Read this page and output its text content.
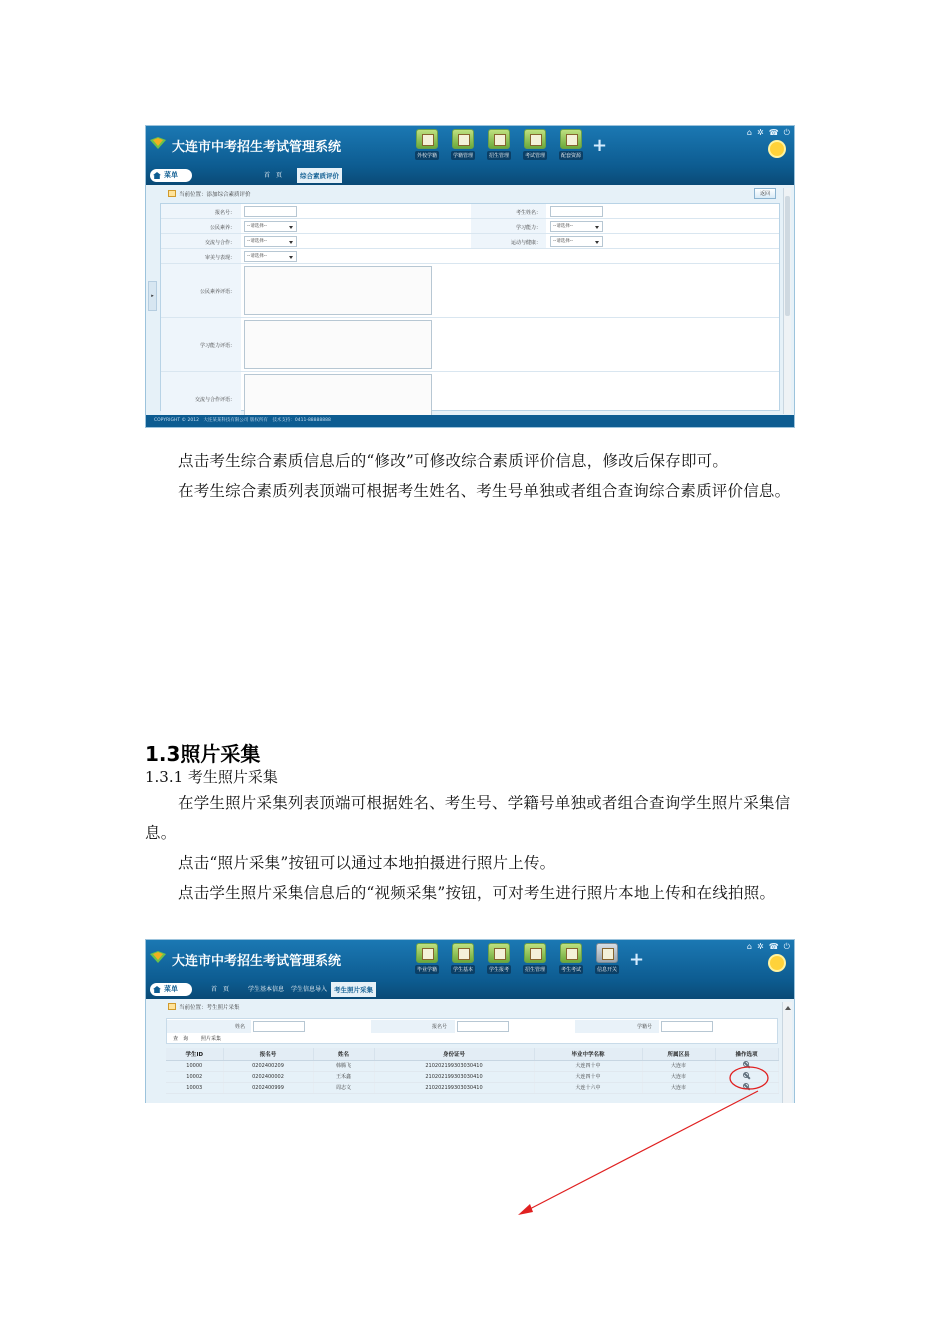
大连市中考招生考试管理系统
外校学籍	学籍管理	招生管理	考试管理	配套资源 +
⌂ ✲ ☎ ⏻
菜单	首　页	综合素质评价
当前位置：添加综合素质评价	返回
报名号：	考生姓名：
公民素养：	--请选择--	学习能力：	--请选择--
交流与合作：	--请选择--	运动与健康：	--请选择--
审美与表现：	--请选择--
公民素养评语：
学习能力评语：
交流与合作评语：
▸
COPYRIGHT © 2012　大连某某科技有限公司 版权所有　技术支持：0411-88888888

点击考生综合素质信息后的“修改”可修改综合素质评价信息，修改后保存即可。

在考生综合素质列表顶端可根据考生姓名、考生号单独或者组合查询综合素质评价信息。

1.3照片采集
1.3.1 考生照片采集

在学生照片采集列表顶端可根据姓名、考生号、学籍号单独或者组合查询学生照片采集信息。

点击“照片采集”按钮可以通过本地拍摄进行照片上传。

点击学生照片采集信息后的“视频采集”按钮，可对考生进行照片本地上传和在线拍照。

大连市中考招生考试管理系统
毕业学籍	学生基本	学生报考	招生管理	考生考试	信息开关 +
⌂ ✲ ☎ ⏻
菜单	首　页	学生基本信息 学生信息导入	考生照片采集
当前位置：考生照片采集
姓名	报名号	学籍号
查　询	照片采集
学生ID	报名号	姓名	身份证号	毕业中学名称	所属区县	操作选项
10000	0202400209	韩腾飞	210202199303030410	大连四十中	大连市	
10002	0202400002	王禾鑫	210202199303030410	大连四十中	大连市	
10003	0202400999	周志文	210202199303030410	大连十六中	大连市	
